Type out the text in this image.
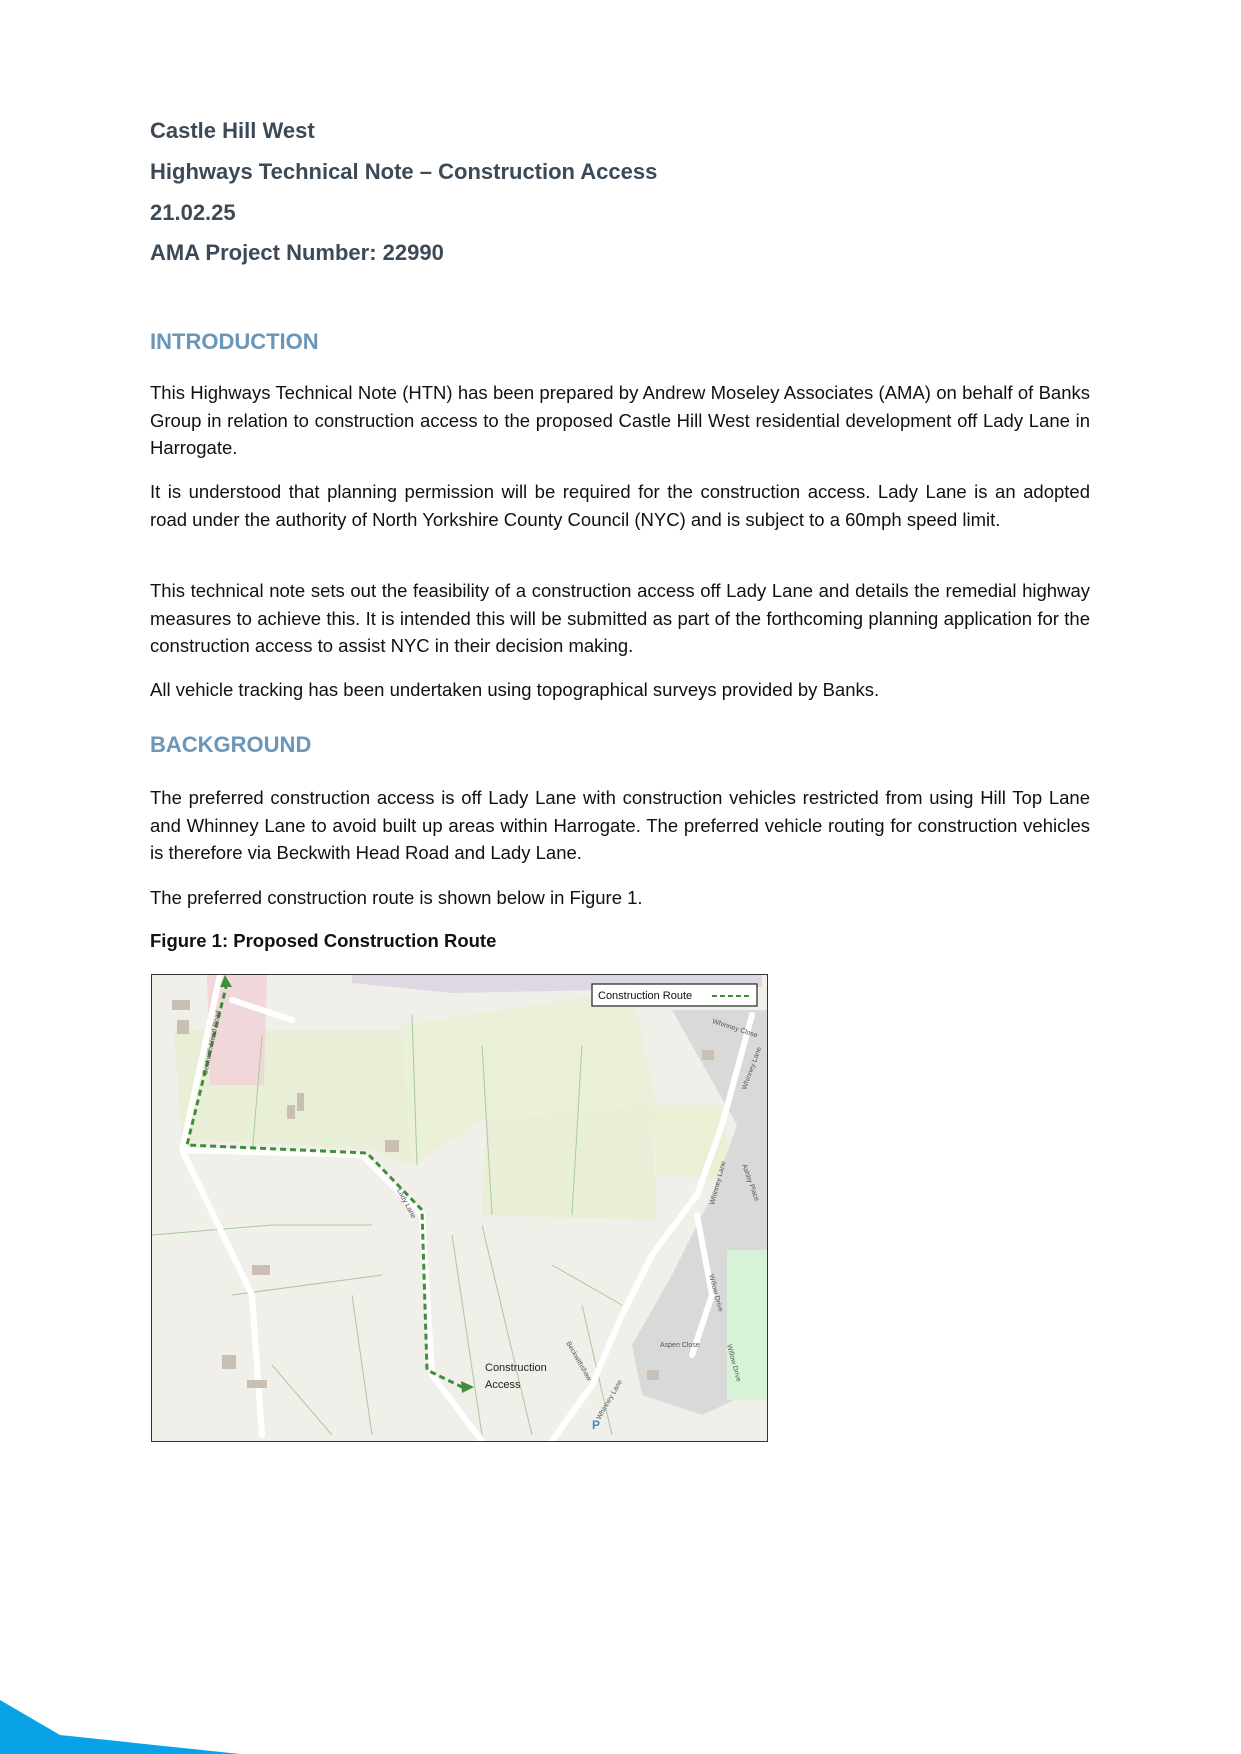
Castle Hill West
Highways Technical Note – Construction Access
21.02.25
AMA Project Number: 22990
INTRODUCTION

This Highways Technical Note (HTN) has been prepared by Andrew Moseley Associates (AMA) on behalf of Banks Group in relation to construction access to the proposed Castle Hill West residential development off Lady Lane in Harrogate.

It is understood that planning permission will be required for the construction access. Lady Lane is an adopted road under the authority of North Yorkshire County Council (NYC) and is subject to a 60mph speed limit.

This technical note sets out the feasibility of a construction access off Lady Lane and details the remedial highway measures to achieve this. It is intended this will be submitted as part of the forthcoming planning application for the construction access to assist NYC in their decision making.

All vehicle tracking has been undertaken using topographical surveys provided by Banks.

BACKGROUND

The preferred construction access is off Lady Lane with construction vehicles restricted from using Hill Top Lane and Whinney Lane to avoid built up areas within Harrogate. The preferred vehicle routing for construction vehicles is therefore via Beckwith Head Road and Lady Lane.

The preferred construction route is shown below in Figure 1.

Figure 1: Proposed Construction Route

Construction Route
Construction
Access
Beckwith Head Road
Lady Lane
Whinney Close
Whinney Lane
Whinney Lane Ashby Place
Willow Drive
Willow Drive
Aspen Close
Beckwithshaw
Whinney Lane
P
